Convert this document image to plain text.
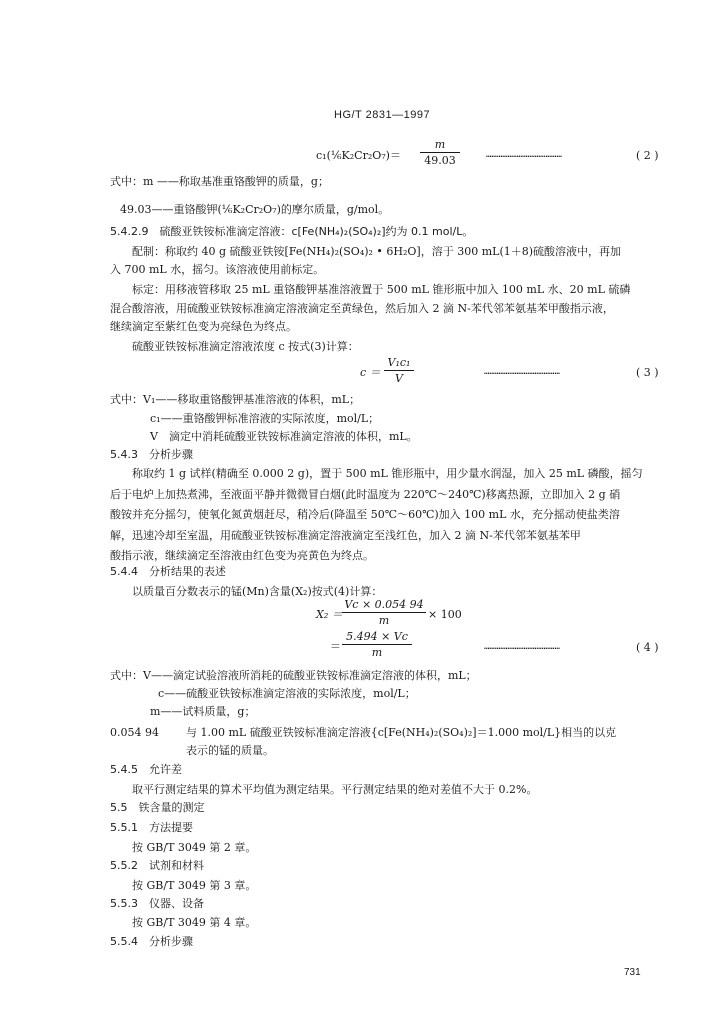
HG/T 2831—1997
c₁(⅙K₂Cr₂O₇)＝
m
49.03	……………………………………	( 2 )
式中：m ——称取基准重铬酸钾的质量，g；
49.03——重铬酸钾(⅙K₂Cr₂O₇)的摩尔质量，g/mol。
5.4.2.9　硫酸亚铁铵标准滴定溶液：c[Fe(NH₄)₂(SO₄)₂]约为 0.1 mol/L。
配制：称取约 40 g 硫酸亚铁铵[Fe(NH₄)₂(SO₄)₂ • 6H₂O]，溶于 300 mL(1＋8)硫酸溶液中，再加
入 700 mL 水，摇匀。该溶液使用前标定。
标定：用移液管移取 25 mL 重铬酸钾基准溶液置于 500 mL 锥形瓶中加入 100 mL 水、20 mL 硫磷
混合酸溶液，用硫酸亚铁铵标准滴定溶液滴定至黄绿色，然后加入 2 滴 N-苯代邻苯氨基苯甲酸指示液，
继续滴定至紫红色变为亮绿色为终点。
硫酸亚铁铵标准滴定溶液浓度 c 按式(3)计算：
c ＝
V₁c₁
V	……………………………………	( 3 )
式中：V₁——移取重铬酸钾基准溶液的体积，mL；
c₁——重铬酸钾标准溶液的实际浓度，mol/L；
V　滴定中消耗硫酸亚铁铵标准滴定溶液的体积，mL。
5.4.3　分析步骤
称取约 1 g 试样(精确至 0.000 2 g)，置于 500 mL 锥形瓶中，用少量水润湿，加入 25 mL 磷酸，摇匀
后于电炉上加热煮沸，至液面平静并微微冒白烟(此时温度为 220℃～240℃)移离热源，立即加入 2 g 硝
酸铵并充分摇匀，使氧化氮黄烟赶尽，稍冷后(降温至 50℃～60℃)加入 100 mL 水，充分摇动使盐类溶
解，迅速冷却至室温，用硫酸亚铁铵标准滴定溶液滴定至浅红色，加入 2 滴 N-苯代邻苯氨基苯甲
酸指示液，继续滴定至溶液由红色变为亮黄色为终点。
5.4.4　分析结果的表述
以质量百分数表示的锰(Mn)含量(X₂)按式(4)计算：
X₂ ＝
Vc × 0.054 94
m	× 100
＝
5.494 × Vc
m	……………………………………	( 4 )
式中：V——滴定试验溶液所消耗的硫酸亚铁铵标准滴定溶液的体积，mL；
c——硫酸亚铁铵标准滴定溶液的实际浓度，mol/L；
m——试料质量，g；
0.054 94 与 1.00 mL 硫酸亚铁铵标准滴定溶液{c[Fe(NH₄)₂(SO₄)₂]＝1.000 mol/L}相当的以克
表示的锰的质量。
5.4.5　允许差
取平行测定结果的算术平均值为测定结果。平行测定结果的绝对差值不大于 0.2%。
5.5　铁含量的测定
5.5.1　方法提要
按 GB/T 3049 第 2 章。
5.5.2　试剂和材料
按 GB/T 3049 第 3 章。
5.5.3　仪器、设备
按 GB/T 3049 第 4 章。
5.5.4　分析步骤
731
